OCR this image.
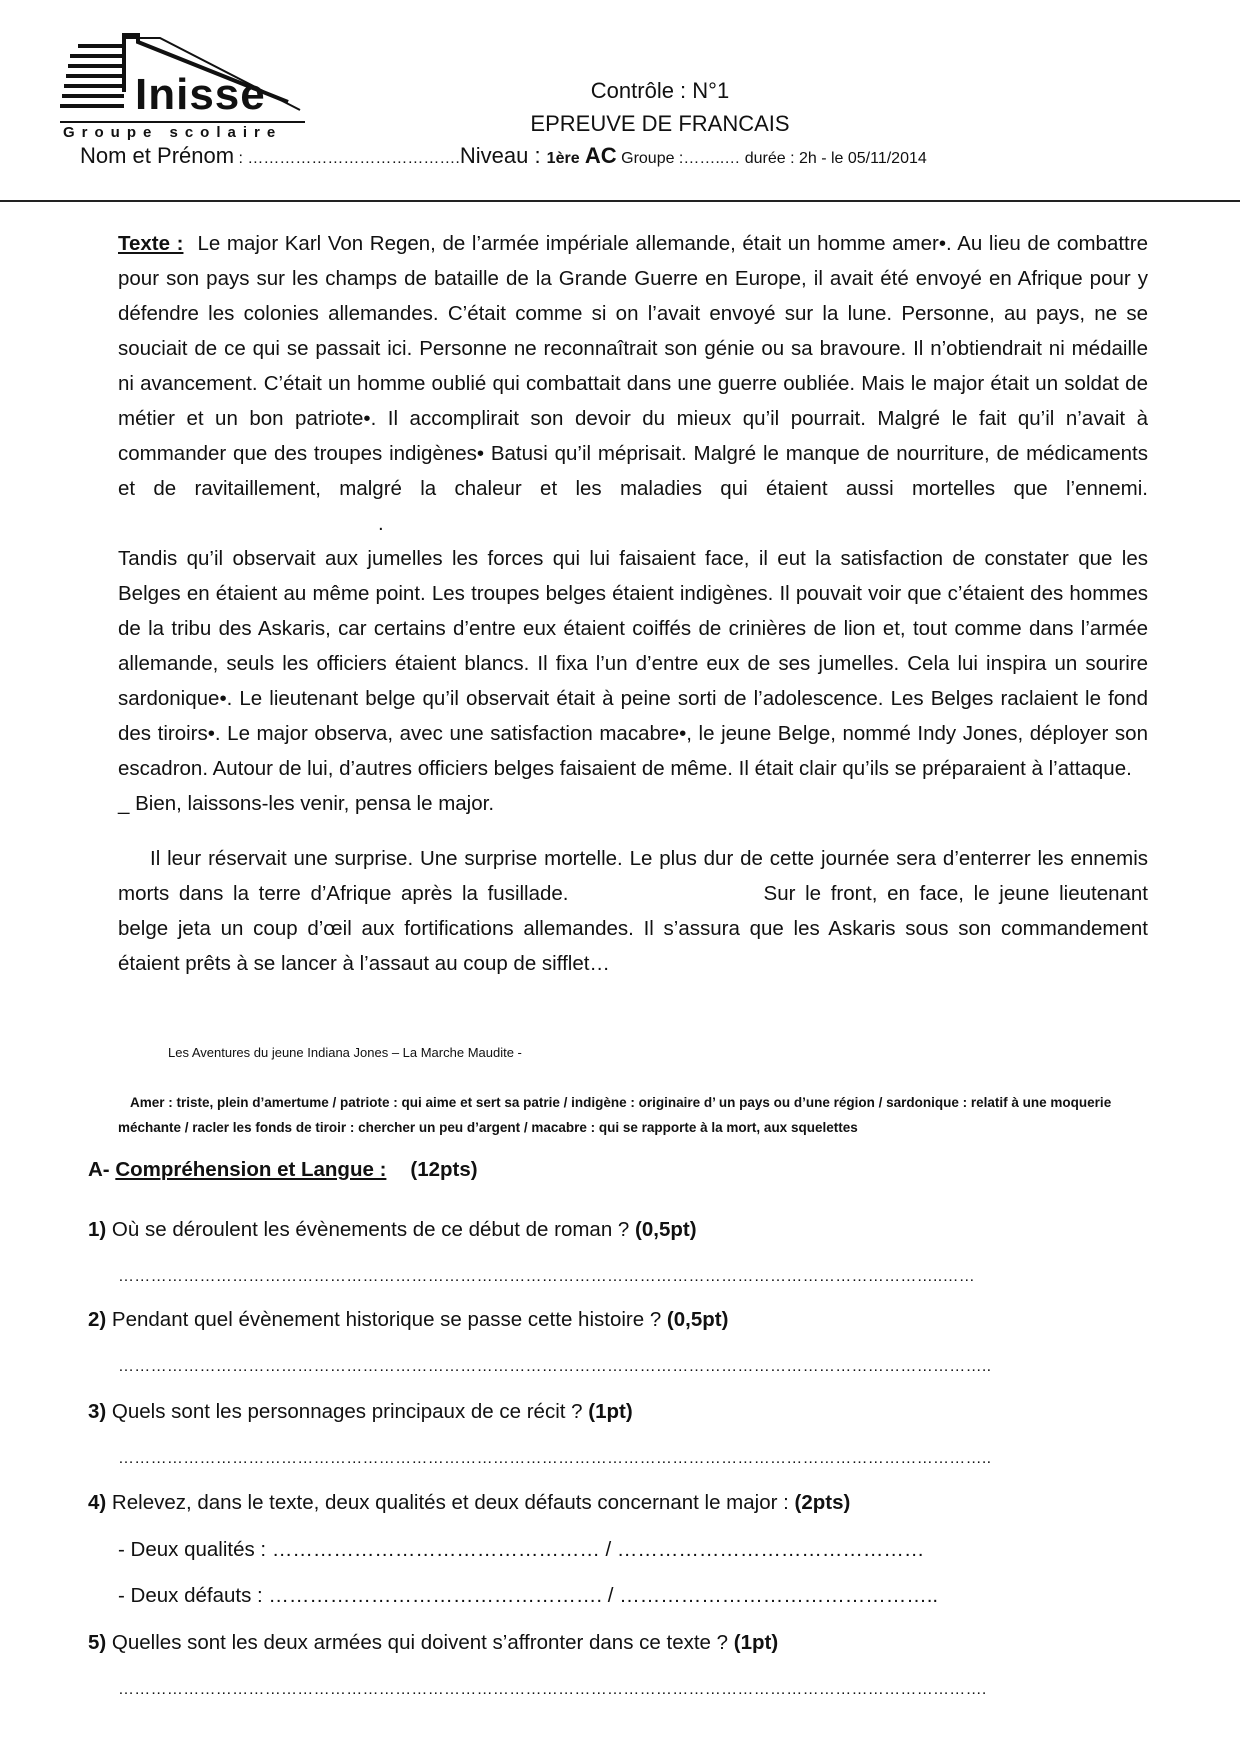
Inisse
Groupe scolaire
Contrôle : N°1
EPREUVE DE FRANCAIS
Nom et Prénom : ………………………………….Niveau : 1ère AC Groupe :……..… durée : 2h - le 05/11/2014

Texte : Le major Karl Von Regen, de l’armée impériale allemande, était un homme amer•. Au lieu de combattre pour son pays sur les champs de bataille de la Grande Guerre en Europe, il avait été envoyé en Afrique pour y défendre les colonies allemandes. C’était comme si on l’avait envoyé sur la lune. Personne, au pays, ne se souciait de ce qui se passait ici. Personne ne reconnaîtrait son génie ou sa bravoure. Il n’obtiendrait ni médaille ni avancement. C’était un homme oublié qui combattait dans une guerre oubliée. Mais le major était un soldat de métier et un bon patriote•. Il accomplirait son devoir du mieux qu’il pourrait. Malgré le fait qu’il n’avait à commander que des troupes indigènes• Batusi qu’il méprisait. Malgré le manque de nourriture, de médicaments et de ravitaillement, malgré la chaleur et les maladies qui étaient aussi mortelles que l’ennemi..

Tandis qu’il observait aux jumelles les forces qui lui faisaient face, il eut la satisfaction de constater que les Belges en étaient au même point. Les troupes belges étaient indigènes. Il pouvait voir que c’étaient des hommes de la tribu des Askaris, car certains d’entre eux étaient coiffés de crinières de lion et, tout comme dans l’armée allemande, seuls les officiers étaient blancs. Il fixa l’un d’entre eux de ses jumelles. Cela lui inspira un sourire sardonique•. Le lieutenant belge qu’il observait était à peine sorti de l’adolescence. Les Belges raclaient le fond des tiroirs•. Le major observa, avec une satisfaction macabre•, le jeune Belge, nommé Indy Jones, déployer son escadron. Autour de lui, d’autres officiers belges faisaient de même. Il était clair qu’ils se préparaient à l’attaque.

_ Bien, laissons-les venir, pensa le major.

Il leur réservait une surprise. Une surprise mortelle. Le plus dur de cette journée sera d’enterrer les ennemis morts dans la terre d’Afrique après la fusillade.	Sur le front, en face, le jeune lieutenant belge jeta un coup d’œil aux fortifications allemandes. Il s’assura que les Askaris sous son commandement étaient prêts à se lancer à l’assaut au coup de sifflet…

Les Aventures du jeune Indiana Jones – La Marche Maudite -
Amer : triste, plein d’amertume / patriote : qui aime et sert sa patrie / indigène : originaire d’ un pays ou d’une région / sardonique : relatif à une moquerie méchante / racler les fonds de tiroir : chercher un peu d’argent / macabre : qui se rapporte à la mort, aux squelettes
A- Compréhension et Langue : (12pts)
1) Où se déroulent les évènements de ce début de roman ? (0,5pt)
……………………………………………………………………………………………………………………………………..……
2) Pendant quel évènement historique se passe cette histoire ? (0,5pt)
……………………………………………………………………………………………………………………………………………..
3) Quels sont les personnages principaux de ce récit ? (1pt)
……………………………………………………………………………………………………………………………………………..
4) Relevez, dans le texte, deux qualités et deux défauts concernant le major : (2pts)
- Deux qualités : ………………………………………… / ………………………………………
- Deux défauts : …………………………………………. / ………………………………………..
5) Quelles sont les deux armées qui doivent s’affronter dans ce texte ? (1pt)
…………………………………………………………………………………………………………………………………………….
